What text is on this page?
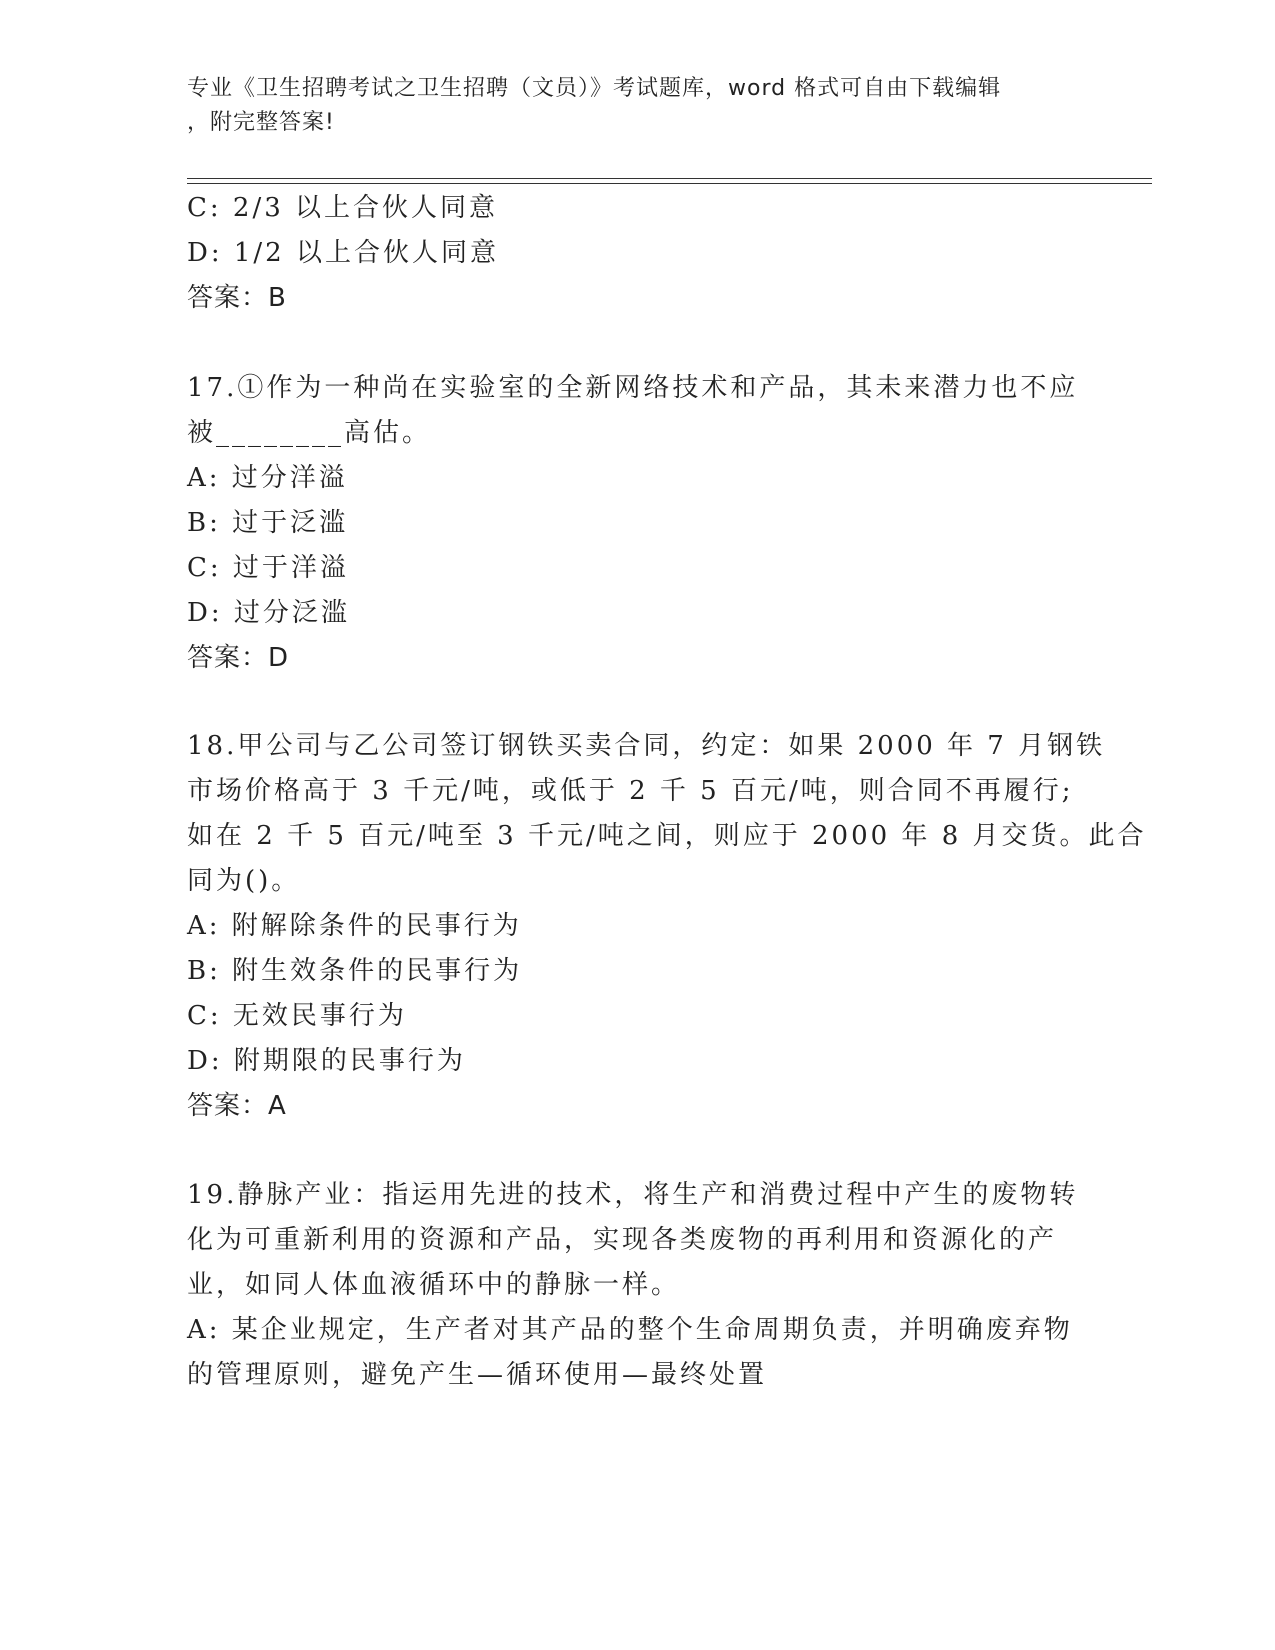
专业《卫生招聘考试之卫生招聘（文员）》考试题库，word 格式可自由下载编辑
，附完整答案!
C: 2/3 以上合伙人同意
D: 1/2 以上合伙人同意
答案：B
17.①作为一种尚在实验室的全新网络技术和产品，其未来潜力也不应
被________高估。
A: 过分洋溢
B: 过于泛滥
C: 过于洋溢
D: 过分泛滥
答案：D
18.甲公司与乙公司签订钢铁买卖合同，约定：如果 2000 年 7 月钢铁
市场价格高于 3 千元/吨，或低于 2 千 5 百元/吨，则合同不再履行;
如在 2 千 5 百元/吨至 3 千元/吨之间，则应于 2000 年 8 月交货。此合
同为()。
A: 附解除条件的民事行为
B: 附生效条件的民事行为
C: 无效民事行为
D: 附期限的民事行为
答案：A
19.静脉产业：指运用先进的技术，将生产和消费过程中产生的废物转
化为可重新利用的资源和产品，实现各类废物的再利用和资源化的产
业，如同人体血液循环中的静脉一样。
A: 某企业规定，生产者对其产品的整个生命周期负责，并明确废弃物
的管理原则，避免产生—循环使用—最终处置
